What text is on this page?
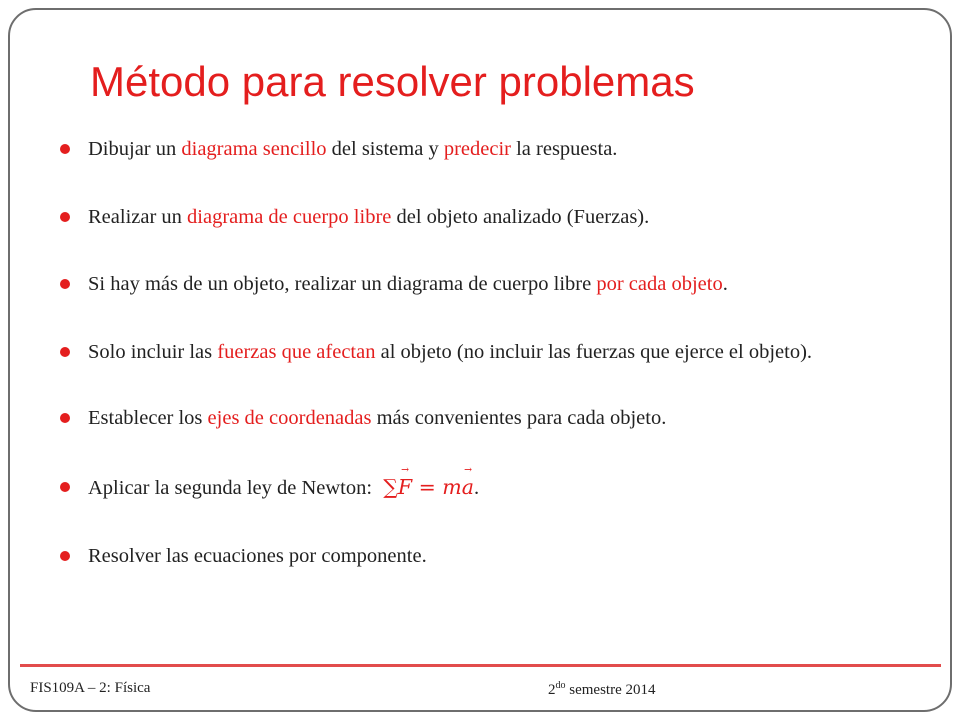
Método para resolver problemas
Dibujar un diagrama sencillo del sistema y predecir la respuesta.
Realizar un diagrama de cuerpo libre del objeto analizado (Fuerzas).
Si hay más de un objeto, realizar un diagrama de cuerpo libre por cada objeto.
Solo incluir las fuerzas que afectan al objeto (no incluir las fuerzas que ejerce el objeto).
Establecer los ejes de coordenadas más convenientes para cada objeto.
Aplicar la segunda ley de Newton: ∑→ F = m→ a.
Resolver las ecuaciones por componente.
FIS109A – 2: Física	$2^{do}$ semestre 2014
